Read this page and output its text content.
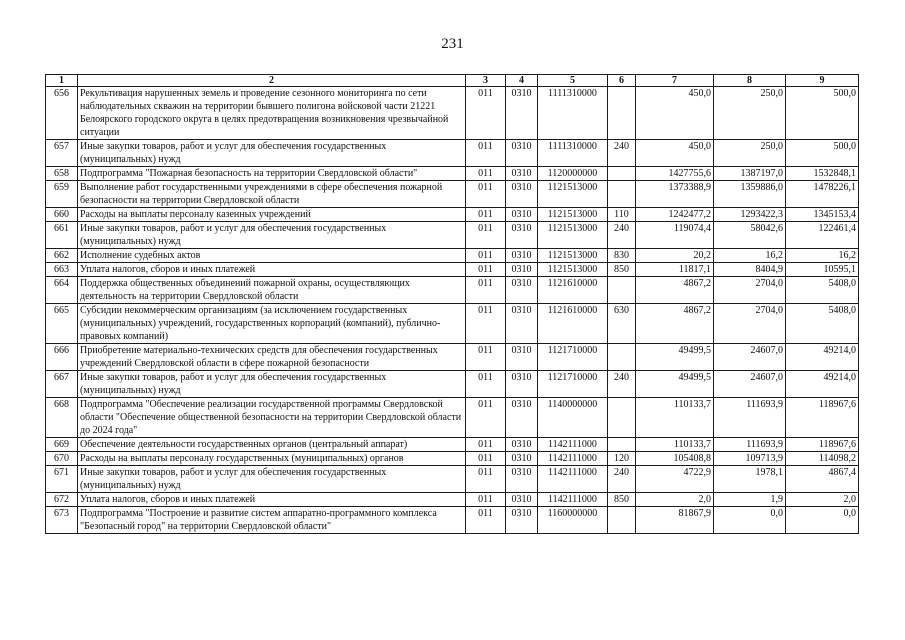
231
1	2	3	4	5	6	7	8	9
656	Рекультивация нарушенных земель и проведение сезонного мониторинга по сети наблюдательных скважин на территории бывшего полигона войсковой части 21221 Белоярского городского округа в целях предотвращения возникновения чрезвычайной ситуации	011	0310	1111310000		450,0	250,0	500,0
657	Иные закупки товаров, работ и услуг для обеспечения государственных (муниципальных) нужд	011	0310	1111310000	240	450,0	250,0	500,0
658	Подпрограмма "Пожарная безопасность на территории Свердловской области"	011	0310	1120000000		1427755,6	1387197,0	1532848,1
659	Выполнение работ государственными учреждениями в сфере обеспечения пожарной безопасности на территории Свердловской области	011	0310	1121513000		1373388,9	1359886,0	1478226,1
660	Расходы на выплаты персоналу казенных учреждений	011	0310	1121513000	110	1242477,2	1293422,3	1345153,4
661	Иные закупки товаров, работ и услуг для обеспечения государственных (муниципальных) нужд	011	0310	1121513000	240	119074,4	58042,6	122461,4
662	Исполнение судебных актов	011	0310	1121513000	830	20,2	16,2	16,2
663	Уплата налогов, сборов и иных платежей	011	0310	1121513000	850	11817,1	8404,9	10595,1
664	Поддержка общественных объединений пожарной охраны, осуществляющих деятельность на территории Свердловской области	011	0310	1121610000		4867,2	2704,0	5408,0
665	Субсидии некоммерческим организациям (за исключением государственных (муниципальных) учреждений, государственных корпораций (компаний), публично-правовых компаний)	011	0310	1121610000	630	4867,2	2704,0	5408,0
666	Приобретение материально-технических средств для обеспечения государственных учреждений Свердловской области в сфере пожарной безопасности	011	0310	1121710000		49499,5	24607,0	49214,0
667	Иные закупки товаров, работ и услуг для обеспечения государственных (муниципальных) нужд	011	0310	1121710000	240	49499,5	24607,0	49214,0
668	Подпрограмма "Обеспечение реализации государственной программы Свердловской области "Обеспечение общественной безопасности на территории Свердловской области до 2024 года"	011	0310	1140000000		110133,7	111693,9	118967,6
669	Обеспечение деятельности государственных органов (центральный аппарат)	011	0310	1142111000		110133,7	111693,9	118967,6
670	Расходы на выплаты персоналу государственных (муниципальных) органов	011	0310	1142111000	120	105408,8	109713,9	114098,2
671	Иные закупки товаров, работ и услуг для обеспечения государственных (муниципальных) нужд	011	0310	1142111000	240	4722,9	1978,1	4867,4
672	Уплата налогов, сборов и иных платежей	011	0310	1142111000	850	2,0	1,9	2,0
673	Подпрограмма "Построение и развитие систем аппаратно-программного комплекса "Безопасный город" на территории Свердловской области"	011	0310	1160000000		81867,9	0,0	0,0
